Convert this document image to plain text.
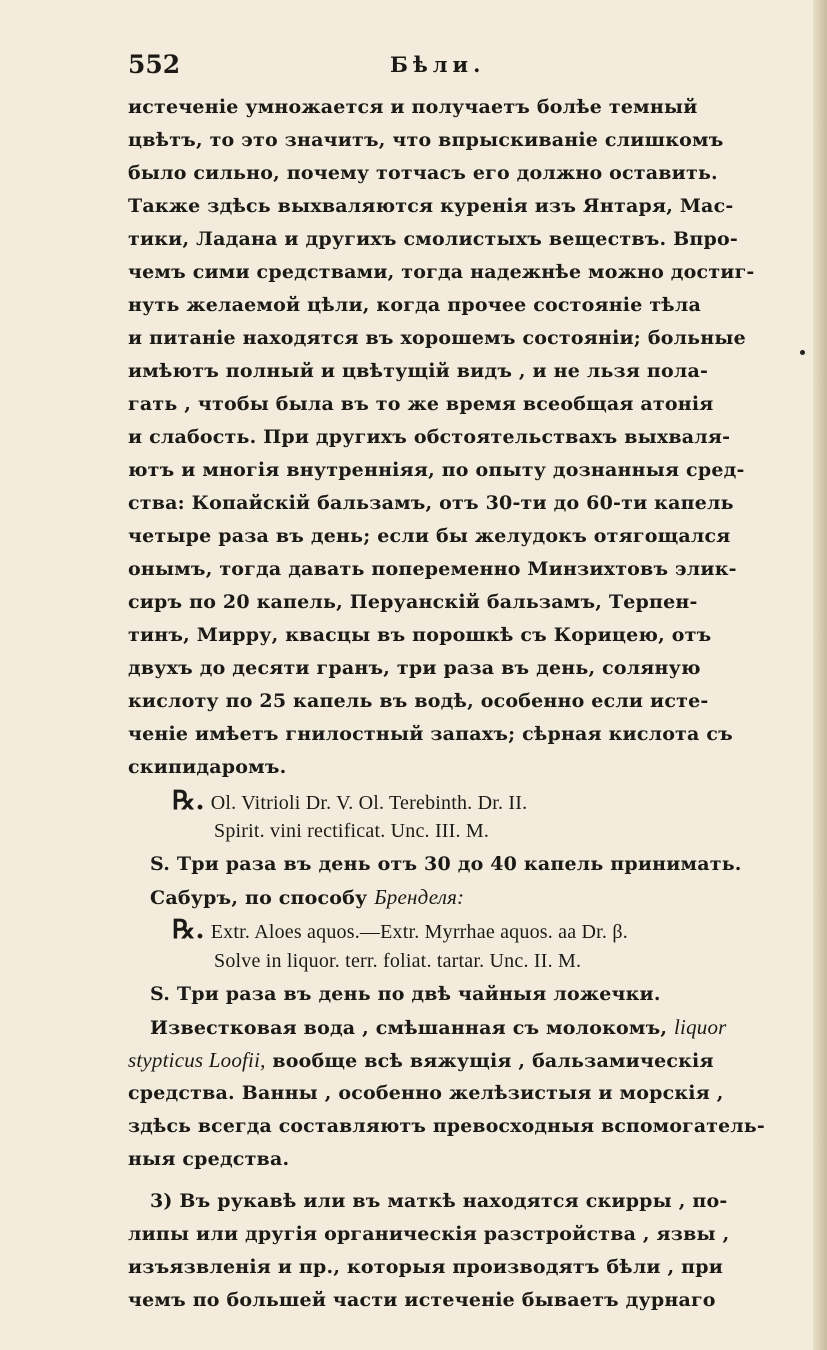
552	Бѣли.
истеченіе умножается и получаетъ болѣе темный
цвѣтъ, то это значитъ, что впрыскиваніе слишкомъ
было сильно, почему тотчасъ его должно оставить.
Также здѣсь выхваляются куренія изъ Янтаря, Мас-
тики, Ладана и другихъ смолистыхъ веществъ. Впро-
чемъ сими средствами, тогда надежнѣе можно достиг-
нуть желаемой цѣли, когда прочее состояніе тѣла
и питаніе находятся въ хорошемъ состояніи; больные
имѣютъ полный и цвѣтущій видъ , и не льзя пола-
гать , чтобы была въ то же время всеобщая атонія
и слабость. При другихъ обстоятельствахъ выхваля-
ютъ и многія внутренніяя, по опыту дознанныя сред-
ства: Копайскій бальзамъ, отъ 30-ти до 60-ти капель
четыре раза въ день; если бы желудокъ отягощался
онымъ, тогда давать попеременно Минзихтовъ элик-
сиръ по 20 капель, Перуанскій бальзамъ, Терпен-
тинъ, Мирру, квасцы въ порошкѣ съ Корицею, отъ
двухъ до десяти гранъ, три раза въ день, соляную
кислоту по 25 капель въ водѣ, особенно если исте-
ченіе имѣетъ гнилостный запахъ; сѣрная кислота съ
скипидаромъ.
℞. Ol. Vitrioli Dr. V. Ol. Terebinth. Dr. II.
Spirit. vini rectificat. Unc. III. M.
S. Три раза въ день отъ 30 до 40 капель принимать.
Сабуръ, по способу Бренделя:
℞. Extr. Aloes aquos.—Extr. Myrrhae aquos. aa Dr. β.
Solve in liquor. terr. foliat. tartar. Unc. II. M.
S. Три раза въ день по двѣ чайныя ложечки.
Известковая вода , смѣшанная съ молокомъ, liquor
stypticus Loofii, вообще всѣ вяжущія , бальзамическія
средства. Ванны , особенно желѣзистыя и морскія ,
здѣсь всегда составляютъ превосходныя вспомогатель-
ныя средства.
3) Въ рукавѣ или въ маткѣ находятся скирры , по-
липы или другія органическія разстройства , язвы ,
изъязвленія и пр., которыя производятъ бѣли , при
чемъ по большей части истеченіе бываетъ дурнаго
